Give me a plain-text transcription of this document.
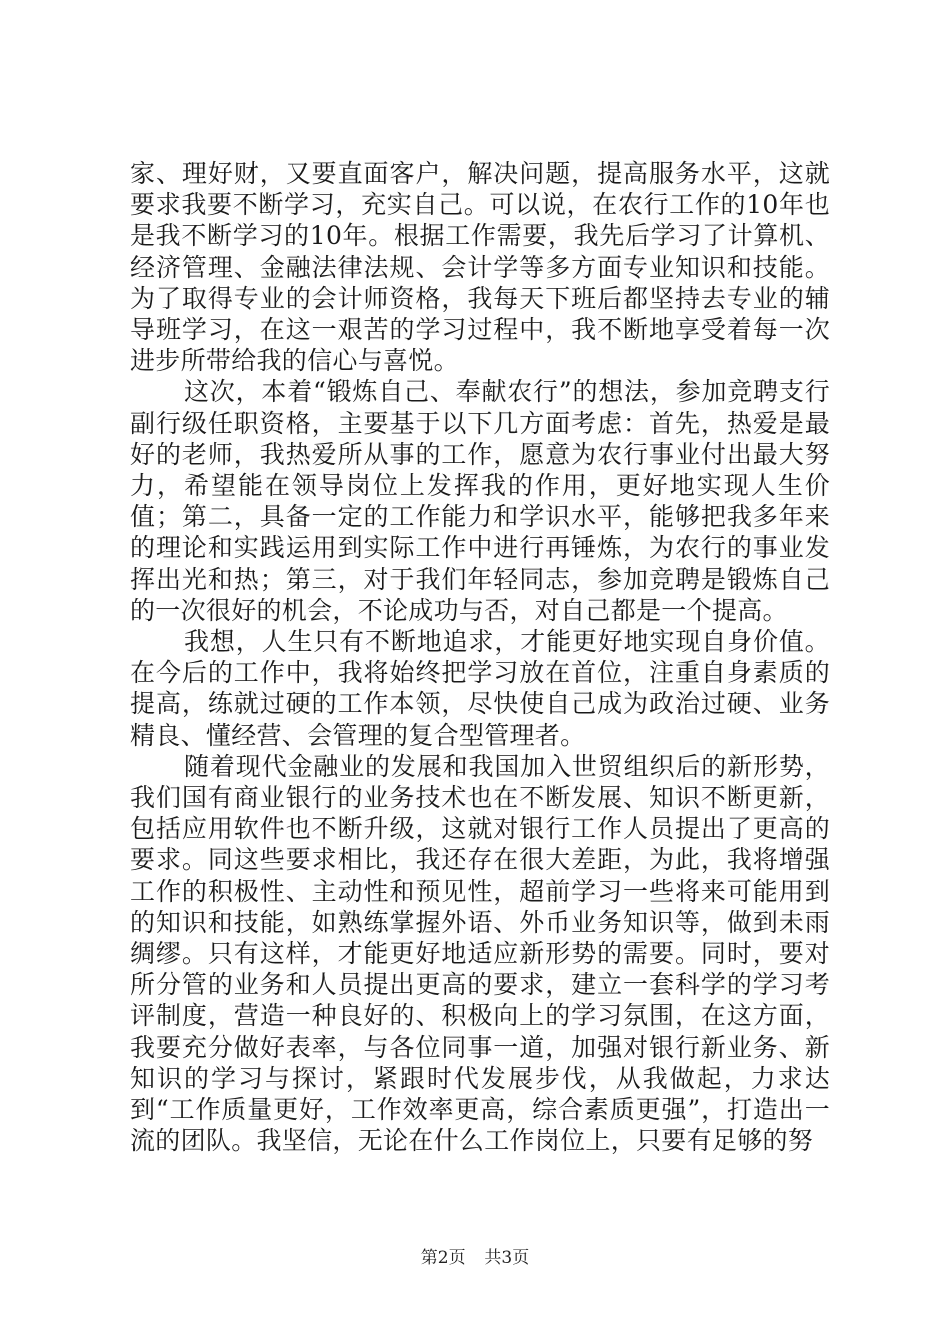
家、理好财，又要直面客户，解决问题，提高服务水平，这就要求我要不断学习，充实自己。可以说，在农行工作的10年也是我不断学习的10年。根据工作需要，我先后学习了计算机、经济管理、金融法律法规、会计学等多方面专业知识和技能。为了取得专业的会计师资格，我每天下班后都坚持去专业的辅导班学习，在这一艰苦的学习过程中，我不断地享受着每一次进步所带给我的信心与喜悦。

这次，本着“锻炼自己、奉献农行”的想法，参加竞聘支行副行级任职资格，主要基于以下几方面考虑：首先，热爱是最好的老师，我热爱所从事的工作，愿意为农行事业付出最大努力，希望能在领导岗位上发挥我的作用，更好地实现人生价值；第二，具备一定的工作能力和学识水平，能够把我多年来的理论和实践运用到实际工作中进行再锤炼，为农行的事业发挥出光和热；第三，对于我们年轻同志，参加竞聘是锻炼自己的一次很好的机会，不论成功与否，对自己都是一个提高。

我想，人生只有不断地追求，才能更好地实现自身价值。在今后的工作中，我将始终把学习放在首位，注重自身素质的提高，练就过硬的工作本领，尽快使自己成为政治过硬、业务精良、懂经营、会管理的复合型管理者。

随着现代金融业的发展和我国加入世贸组织后的新形势，我们国有商业银行的业务技术也在不断发展、知识不断更新，包括应用软件也不断升级，这就对银行工作人员提出了更高的要求。同这些要求相比，我还存在很大差距，为此，我将增强工作的积极性、主动性和预见性，超前学习一些将来可能用到的知识和技能，如熟练掌握外语、外币业务知识等，做到未雨绸缪。只有这样，才能更好地适应新形势的需要。同时，要对所分管的业务和人员提出更高的要求，建立一套科学的学习考评制度，营造一种良好的、积极向上的学习氛围，在这方面，我要充分做好表率，与各位同事一道，加强对银行新业务、新知识的学习与探讨，紧跟时代发展步伐，从我做起，力求达到“工作质量更好，工作效率更高，综合素质更强”，打造出一流的团队。我坚信，无论在什么工作岗位上，只要有足够的努

第2页 共3页
